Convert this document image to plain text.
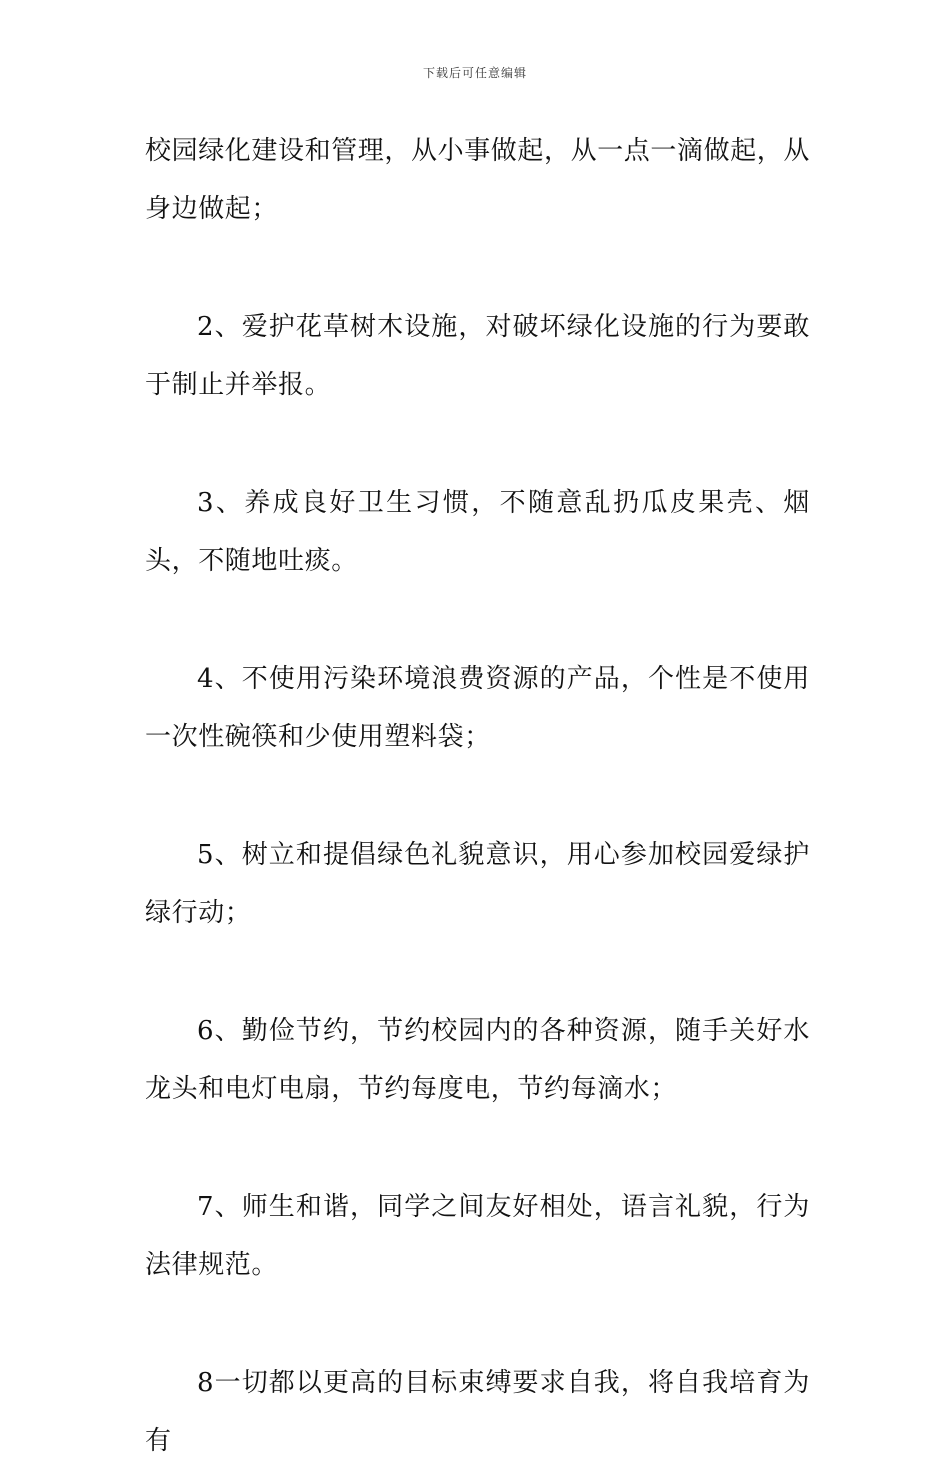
下载后可任意编辑

校园绿化建设和管理，从小事做起，从一点一滴做起，从身边做起；

2、爱护花草树木设施，对破坏绿化设施的行为要敢于制止并举报。

3、养成良好卫生习惯，不随意乱扔瓜皮果壳、烟头，不随地吐痰。

4、不使用污染环境浪费资源的产品，个性是不使用一次性碗筷和少使用塑料袋；

5、树立和提倡绿色礼貌意识，用心参加校园爱绿护绿行动；

6、勤俭节约，节约校园内的各种资源，随手关好水龙头和电灯电扇，节约每度电，节约每滴水；

7、师生和谐，同学之间友好相处，语言礼貌，行为法律规范。

8一切都以更高的目标束缚要求自我，将自我培育为有
